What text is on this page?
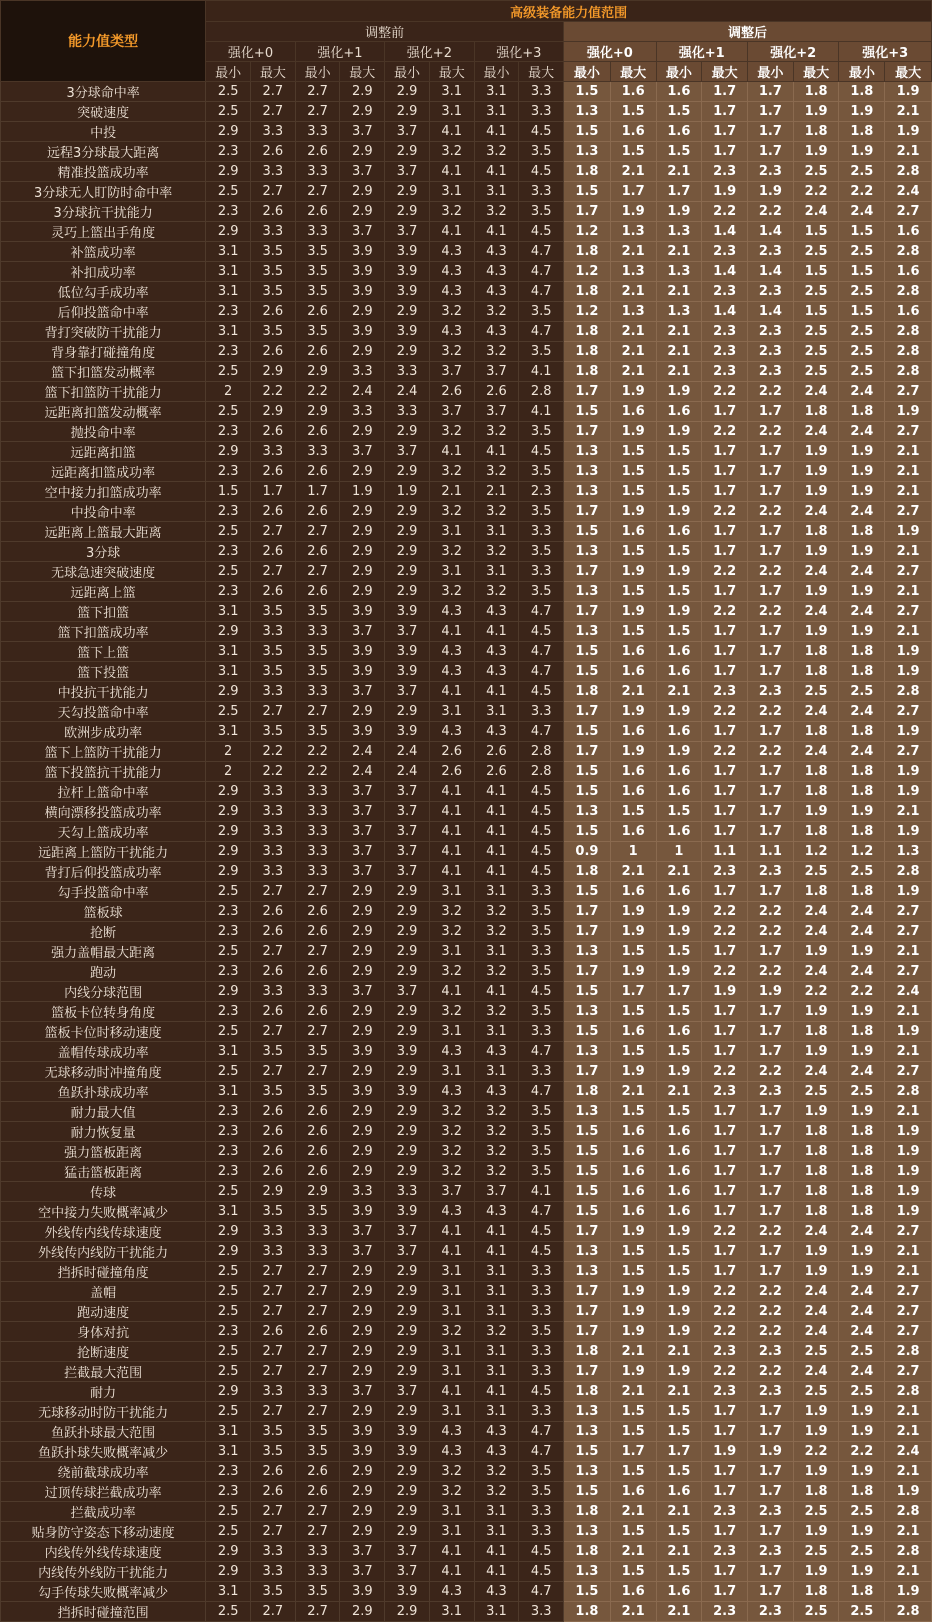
能力值类型	高级装备能力值范围															
	调整前								调整后							
	强化+0		强化+1		强化+2		强化+3		强化+0		强化+1		强化+2		强化+3	
	最小	最大	最小	最大	最小	最大	最小	最大	最小	最大	最小	最大	最小	最大	最小	最大
3分球命中率	2.5	2.7	2.7	2.9	2.9	3.1	3.1	3.3	1.5	1.6	1.6	1.7	1.7	1.8	1.8	1.9
突破速度	2.5	2.7	2.7	2.9	2.9	3.1	3.1	3.3	1.3	1.5	1.5	1.7	1.7	1.9	1.9	2.1
中投	2.9	3.3	3.3	3.7	3.7	4.1	4.1	4.5	1.5	1.6	1.6	1.7	1.7	1.8	1.8	1.9
远程3分球最大距离	2.3	2.6	2.6	2.9	2.9	3.2	3.2	3.5	1.3	1.5	1.5	1.7	1.7	1.9	1.9	2.1
精准投篮成功率	2.9	3.3	3.3	3.7	3.7	4.1	4.1	4.5	1.8	2.1	2.1	2.3	2.3	2.5	2.5	2.8
3分球无人盯防时命中率	2.5	2.7	2.7	2.9	2.9	3.1	3.1	3.3	1.5	1.7	1.7	1.9	1.9	2.2	2.2	2.4
3分球抗干扰能力	2.3	2.6	2.6	2.9	2.9	3.2	3.2	3.5	1.7	1.9	1.9	2.2	2.2	2.4	2.4	2.7
灵巧上篮出手角度	2.9	3.3	3.3	3.7	3.7	4.1	4.1	4.5	1.2	1.3	1.3	1.4	1.4	1.5	1.5	1.6
补篮成功率	3.1	3.5	3.5	3.9	3.9	4.3	4.3	4.7	1.8	2.1	2.1	2.3	2.3	2.5	2.5	2.8
补扣成功率	3.1	3.5	3.5	3.9	3.9	4.3	4.3	4.7	1.2	1.3	1.3	1.4	1.4	1.5	1.5	1.6
低位勾手成功率	3.1	3.5	3.5	3.9	3.9	4.3	4.3	4.7	1.8	2.1	2.1	2.3	2.3	2.5	2.5	2.8
后仰投篮命中率	2.3	2.6	2.6	2.9	2.9	3.2	3.2	3.5	1.2	1.3	1.3	1.4	1.4	1.5	1.5	1.6
背打突破防干扰能力	3.1	3.5	3.5	3.9	3.9	4.3	4.3	4.7	1.8	2.1	2.1	2.3	2.3	2.5	2.5	2.8
背身靠打碰撞角度	2.3	2.6	2.6	2.9	2.9	3.2	3.2	3.5	1.8	2.1	2.1	2.3	2.3	2.5	2.5	2.8
篮下扣篮发动概率	2.5	2.9	2.9	3.3	3.3	3.7	3.7	4.1	1.8	2.1	2.1	2.3	2.3	2.5	2.5	2.8
篮下扣篮防干扰能力	2	2.2	2.2	2.4	2.4	2.6	2.6	2.8	1.7	1.9	1.9	2.2	2.2	2.4	2.4	2.7
远距离扣篮发动概率	2.5	2.9	2.9	3.3	3.3	3.7	3.7	4.1	1.5	1.6	1.6	1.7	1.7	1.8	1.8	1.9
抛投命中率	2.3	2.6	2.6	2.9	2.9	3.2	3.2	3.5	1.7	1.9	1.9	2.2	2.2	2.4	2.4	2.7
远距离扣篮	2.9	3.3	3.3	3.7	3.7	4.1	4.1	4.5	1.3	1.5	1.5	1.7	1.7	1.9	1.9	2.1
远距离扣篮成功率	2.3	2.6	2.6	2.9	2.9	3.2	3.2	3.5	1.3	1.5	1.5	1.7	1.7	1.9	1.9	2.1
空中接力扣篮成功率	1.5	1.7	1.7	1.9	1.9	2.1	2.1	2.3	1.3	1.5	1.5	1.7	1.7	1.9	1.9	2.1
中投命中率	2.3	2.6	2.6	2.9	2.9	3.2	3.2	3.5	1.7	1.9	1.9	2.2	2.2	2.4	2.4	2.7
远距离上篮最大距离	2.5	2.7	2.7	2.9	2.9	3.1	3.1	3.3	1.5	1.6	1.6	1.7	1.7	1.8	1.8	1.9
3分球	2.3	2.6	2.6	2.9	2.9	3.2	3.2	3.5	1.3	1.5	1.5	1.7	1.7	1.9	1.9	2.1
无球急速突破速度	2.5	2.7	2.7	2.9	2.9	3.1	3.1	3.3	1.7	1.9	1.9	2.2	2.2	2.4	2.4	2.7
远距离上篮	2.3	2.6	2.6	2.9	2.9	3.2	3.2	3.5	1.3	1.5	1.5	1.7	1.7	1.9	1.9	2.1
篮下扣篮	3.1	3.5	3.5	3.9	3.9	4.3	4.3	4.7	1.7	1.9	1.9	2.2	2.2	2.4	2.4	2.7
篮下扣篮成功率	2.9	3.3	3.3	3.7	3.7	4.1	4.1	4.5	1.3	1.5	1.5	1.7	1.7	1.9	1.9	2.1
篮下上篮	3.1	3.5	3.5	3.9	3.9	4.3	4.3	4.7	1.5	1.6	1.6	1.7	1.7	1.8	1.8	1.9
篮下投篮	3.1	3.5	3.5	3.9	3.9	4.3	4.3	4.7	1.5	1.6	1.6	1.7	1.7	1.8	1.8	1.9
中投抗干扰能力	2.9	3.3	3.3	3.7	3.7	4.1	4.1	4.5	1.8	2.1	2.1	2.3	2.3	2.5	2.5	2.8
天勾投篮命中率	2.5	2.7	2.7	2.9	2.9	3.1	3.1	3.3	1.7	1.9	1.9	2.2	2.2	2.4	2.4	2.7
欧洲步成功率	3.1	3.5	3.5	3.9	3.9	4.3	4.3	4.7	1.5	1.6	1.6	1.7	1.7	1.8	1.8	1.9
篮下上篮防干扰能力	2	2.2	2.2	2.4	2.4	2.6	2.6	2.8	1.7	1.9	1.9	2.2	2.2	2.4	2.4	2.7
篮下投篮抗干扰能力	2	2.2	2.2	2.4	2.4	2.6	2.6	2.8	1.5	1.6	1.6	1.7	1.7	1.8	1.8	1.9
拉杆上篮命中率	2.9	3.3	3.3	3.7	3.7	4.1	4.1	4.5	1.5	1.6	1.6	1.7	1.7	1.8	1.8	1.9
横向漂移投篮成功率	2.9	3.3	3.3	3.7	3.7	4.1	4.1	4.5	1.3	1.5	1.5	1.7	1.7	1.9	1.9	2.1
天勾上篮成功率	2.9	3.3	3.3	3.7	3.7	4.1	4.1	4.5	1.5	1.6	1.6	1.7	1.7	1.8	1.8	1.9
远距离上篮防干扰能力	2.9	3.3	3.3	3.7	3.7	4.1	4.1	4.5	0.9	1	1	1.1	1.1	1.2	1.2	1.3
背打后仰投篮成功率	2.9	3.3	3.3	3.7	3.7	4.1	4.1	4.5	1.8	2.1	2.1	2.3	2.3	2.5	2.5	2.8
勾手投篮命中率	2.5	2.7	2.7	2.9	2.9	3.1	3.1	3.3	1.5	1.6	1.6	1.7	1.7	1.8	1.8	1.9
篮板球	2.3	2.6	2.6	2.9	2.9	3.2	3.2	3.5	1.7	1.9	1.9	2.2	2.2	2.4	2.4	2.7
抢断	2.3	2.6	2.6	2.9	2.9	3.2	3.2	3.5	1.7	1.9	1.9	2.2	2.2	2.4	2.4	2.7
强力盖帽最大距离	2.5	2.7	2.7	2.9	2.9	3.1	3.1	3.3	1.3	1.5	1.5	1.7	1.7	1.9	1.9	2.1
跑动	2.3	2.6	2.6	2.9	2.9	3.2	3.2	3.5	1.7	1.9	1.9	2.2	2.2	2.4	2.4	2.7
内线分球范围	2.9	3.3	3.3	3.7	3.7	4.1	4.1	4.5	1.5	1.7	1.7	1.9	1.9	2.2	2.2	2.4
篮板卡位转身角度	2.3	2.6	2.6	2.9	2.9	3.2	3.2	3.5	1.3	1.5	1.5	1.7	1.7	1.9	1.9	2.1
篮板卡位时移动速度	2.5	2.7	2.7	2.9	2.9	3.1	3.1	3.3	1.5	1.6	1.6	1.7	1.7	1.8	1.8	1.9
盖帽传球成功率	3.1	3.5	3.5	3.9	3.9	4.3	4.3	4.7	1.3	1.5	1.5	1.7	1.7	1.9	1.9	2.1
无球移动时冲撞角度	2.5	2.7	2.7	2.9	2.9	3.1	3.1	3.3	1.7	1.9	1.9	2.2	2.2	2.4	2.4	2.7
鱼跃扑球成功率	3.1	3.5	3.5	3.9	3.9	4.3	4.3	4.7	1.8	2.1	2.1	2.3	2.3	2.5	2.5	2.8
耐力最大值	2.3	2.6	2.6	2.9	2.9	3.2	3.2	3.5	1.3	1.5	1.5	1.7	1.7	1.9	1.9	2.1
耐力恢复量	2.3	2.6	2.6	2.9	2.9	3.2	3.2	3.5	1.5	1.6	1.6	1.7	1.7	1.8	1.8	1.9
强力篮板距离	2.3	2.6	2.6	2.9	2.9	3.2	3.2	3.5	1.5	1.6	1.6	1.7	1.7	1.8	1.8	1.9
猛击篮板距离	2.3	2.6	2.6	2.9	2.9	3.2	3.2	3.5	1.5	1.6	1.6	1.7	1.7	1.8	1.8	1.9
传球	2.5	2.9	2.9	3.3	3.3	3.7	3.7	4.1	1.5	1.6	1.6	1.7	1.7	1.8	1.8	1.9
空中接力失败概率减少	3.1	3.5	3.5	3.9	3.9	4.3	4.3	4.7	1.5	1.6	1.6	1.7	1.7	1.8	1.8	1.9
外线传内线传球速度	2.9	3.3	3.3	3.7	3.7	4.1	4.1	4.5	1.7	1.9	1.9	2.2	2.2	2.4	2.4	2.7
外线传内线防干扰能力	2.9	3.3	3.3	3.7	3.7	4.1	4.1	4.5	1.3	1.5	1.5	1.7	1.7	1.9	1.9	2.1
挡拆时碰撞角度	2.5	2.7	2.7	2.9	2.9	3.1	3.1	3.3	1.3	1.5	1.5	1.7	1.7	1.9	1.9	2.1
盖帽	2.5	2.7	2.7	2.9	2.9	3.1	3.1	3.3	1.7	1.9	1.9	2.2	2.2	2.4	2.4	2.7
跑动速度	2.5	2.7	2.7	2.9	2.9	3.1	3.1	3.3	1.7	1.9	1.9	2.2	2.2	2.4	2.4	2.7
身体对抗	2.3	2.6	2.6	2.9	2.9	3.2	3.2	3.5	1.7	1.9	1.9	2.2	2.2	2.4	2.4	2.7
抢断速度	2.5	2.7	2.7	2.9	2.9	3.1	3.1	3.3	1.8	2.1	2.1	2.3	2.3	2.5	2.5	2.8
拦截最大范围	2.5	2.7	2.7	2.9	2.9	3.1	3.1	3.3	1.7	1.9	1.9	2.2	2.2	2.4	2.4	2.7
耐力	2.9	3.3	3.3	3.7	3.7	4.1	4.1	4.5	1.8	2.1	2.1	2.3	2.3	2.5	2.5	2.8
无球移动时防干扰能力	2.5	2.7	2.7	2.9	2.9	3.1	3.1	3.3	1.3	1.5	1.5	1.7	1.7	1.9	1.9	2.1
鱼跃扑球最大范围	3.1	3.5	3.5	3.9	3.9	4.3	4.3	4.7	1.3	1.5	1.5	1.7	1.7	1.9	1.9	2.1
鱼跃扑球失败概率减少	3.1	3.5	3.5	3.9	3.9	4.3	4.3	4.7	1.5	1.7	1.7	1.9	1.9	2.2	2.2	2.4
绕前截球成功率	2.3	2.6	2.6	2.9	2.9	3.2	3.2	3.5	1.3	1.5	1.5	1.7	1.7	1.9	1.9	2.1
过顶传球拦截成功率	2.3	2.6	2.6	2.9	2.9	3.2	3.2	3.5	1.5	1.6	1.6	1.7	1.7	1.8	1.8	1.9
拦截成功率	2.5	2.7	2.7	2.9	2.9	3.1	3.1	3.3	1.8	2.1	2.1	2.3	2.3	2.5	2.5	2.8
贴身防守姿态下移动速度	2.5	2.7	2.7	2.9	2.9	3.1	3.1	3.3	1.3	1.5	1.5	1.7	1.7	1.9	1.9	2.1
内线传外线传球速度	2.9	3.3	3.3	3.7	3.7	4.1	4.1	4.5	1.8	2.1	2.1	2.3	2.3	2.5	2.5	2.8
内线传外线防干扰能力	2.9	3.3	3.3	3.7	3.7	4.1	4.1	4.5	1.3	1.5	1.5	1.7	1.7	1.9	1.9	2.1
勾手传球失败概率减少	3.1	3.5	3.5	3.9	3.9	4.3	4.3	4.7	1.5	1.6	1.6	1.7	1.7	1.8	1.8	1.9
挡拆时碰撞范围	2.5	2.7	2.7	2.9	2.9	3.1	3.1	3.3	1.8	2.1	2.1	2.3	2.3	2.5	2.5	2.8
